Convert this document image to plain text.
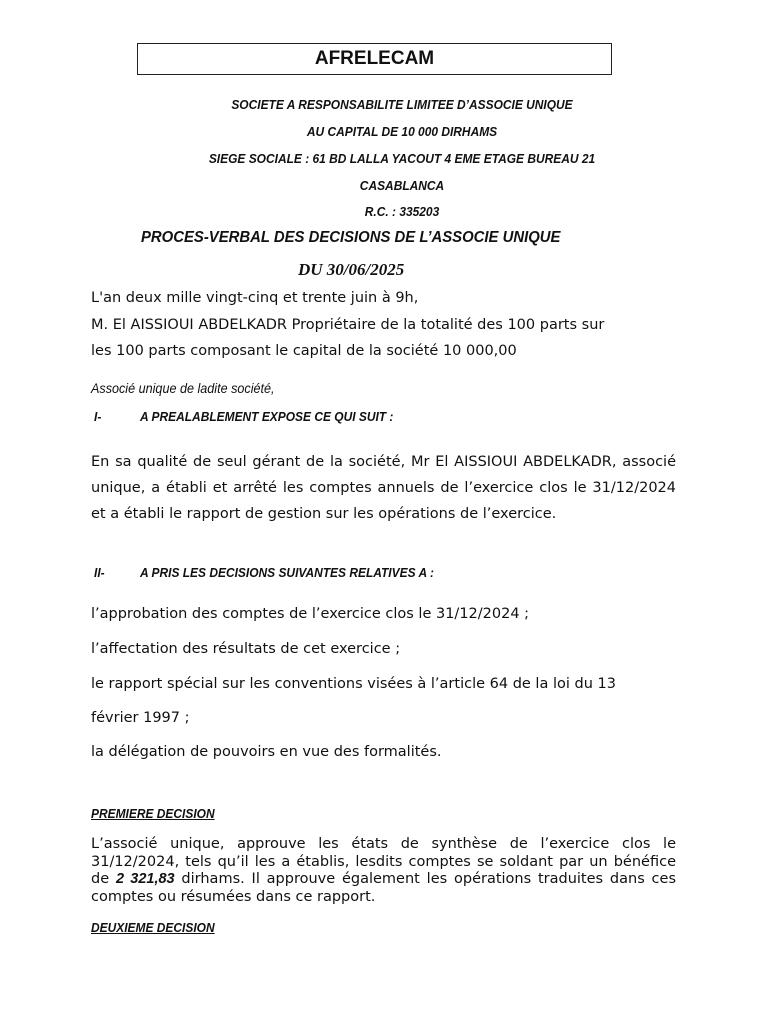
AFRELECAM
SOCIETE A RESPONSABILITE LIMITEE D’ASSOCIE UNIQUE
AU CAPITAL DE 10 000 DIRHAMS
SIEGE SOCIALE : 61 BD LALLA YACOUT 4 EME ETAGE BUREAU 21
CASABLANCA
R.C. : 335203
PROCES-VERBAL DES DECISIONS DE L’ASSOCIE UNIQUE
DU 30/06/2025
L'an deux mille vingt-cinq et trente juin à 9h,
M. El AISSIOUI ABDELKADR Propriétaire de la totalité des 100 parts sur
les 100 parts composant le capital de la société 10 000,00
Associé unique de ladite société,
I-	A PREALABLEMENT EXPOSE CE QUI SUIT :
En sa qualité de seul gérant de la société, Mr El AISSIOUI ABDELKADR, associé unique, a établi et arrêté les comptes annuels de l’exercice clos le 31/12/2024 et a établi le rapport de gestion sur les opérations de l’exercice.
II-	A PRIS LES DECISIONS SUIVANTES RELATIVES A :
l’approbation des comptes de l’exercice clos le 31/12/2024 ;
l’affectation des résultats de cet exercice ;
le rapport spécial sur les conventions visées à l’article 64 de la loi du 13
février 1997 ;
la délégation de pouvoirs en vue des formalités.
PREMIERE DECISION
L’associé unique, approuve les états de synthèse de l’exercice clos le 31/12/2024, tels qu’il les a établis, lesdits comptes se soldant par un bénéfice de 2 321,83 dirhams. Il approuve également les opérations traduites dans ces comptes ou résumées dans ce rapport.
DEUXIEME DECISION
